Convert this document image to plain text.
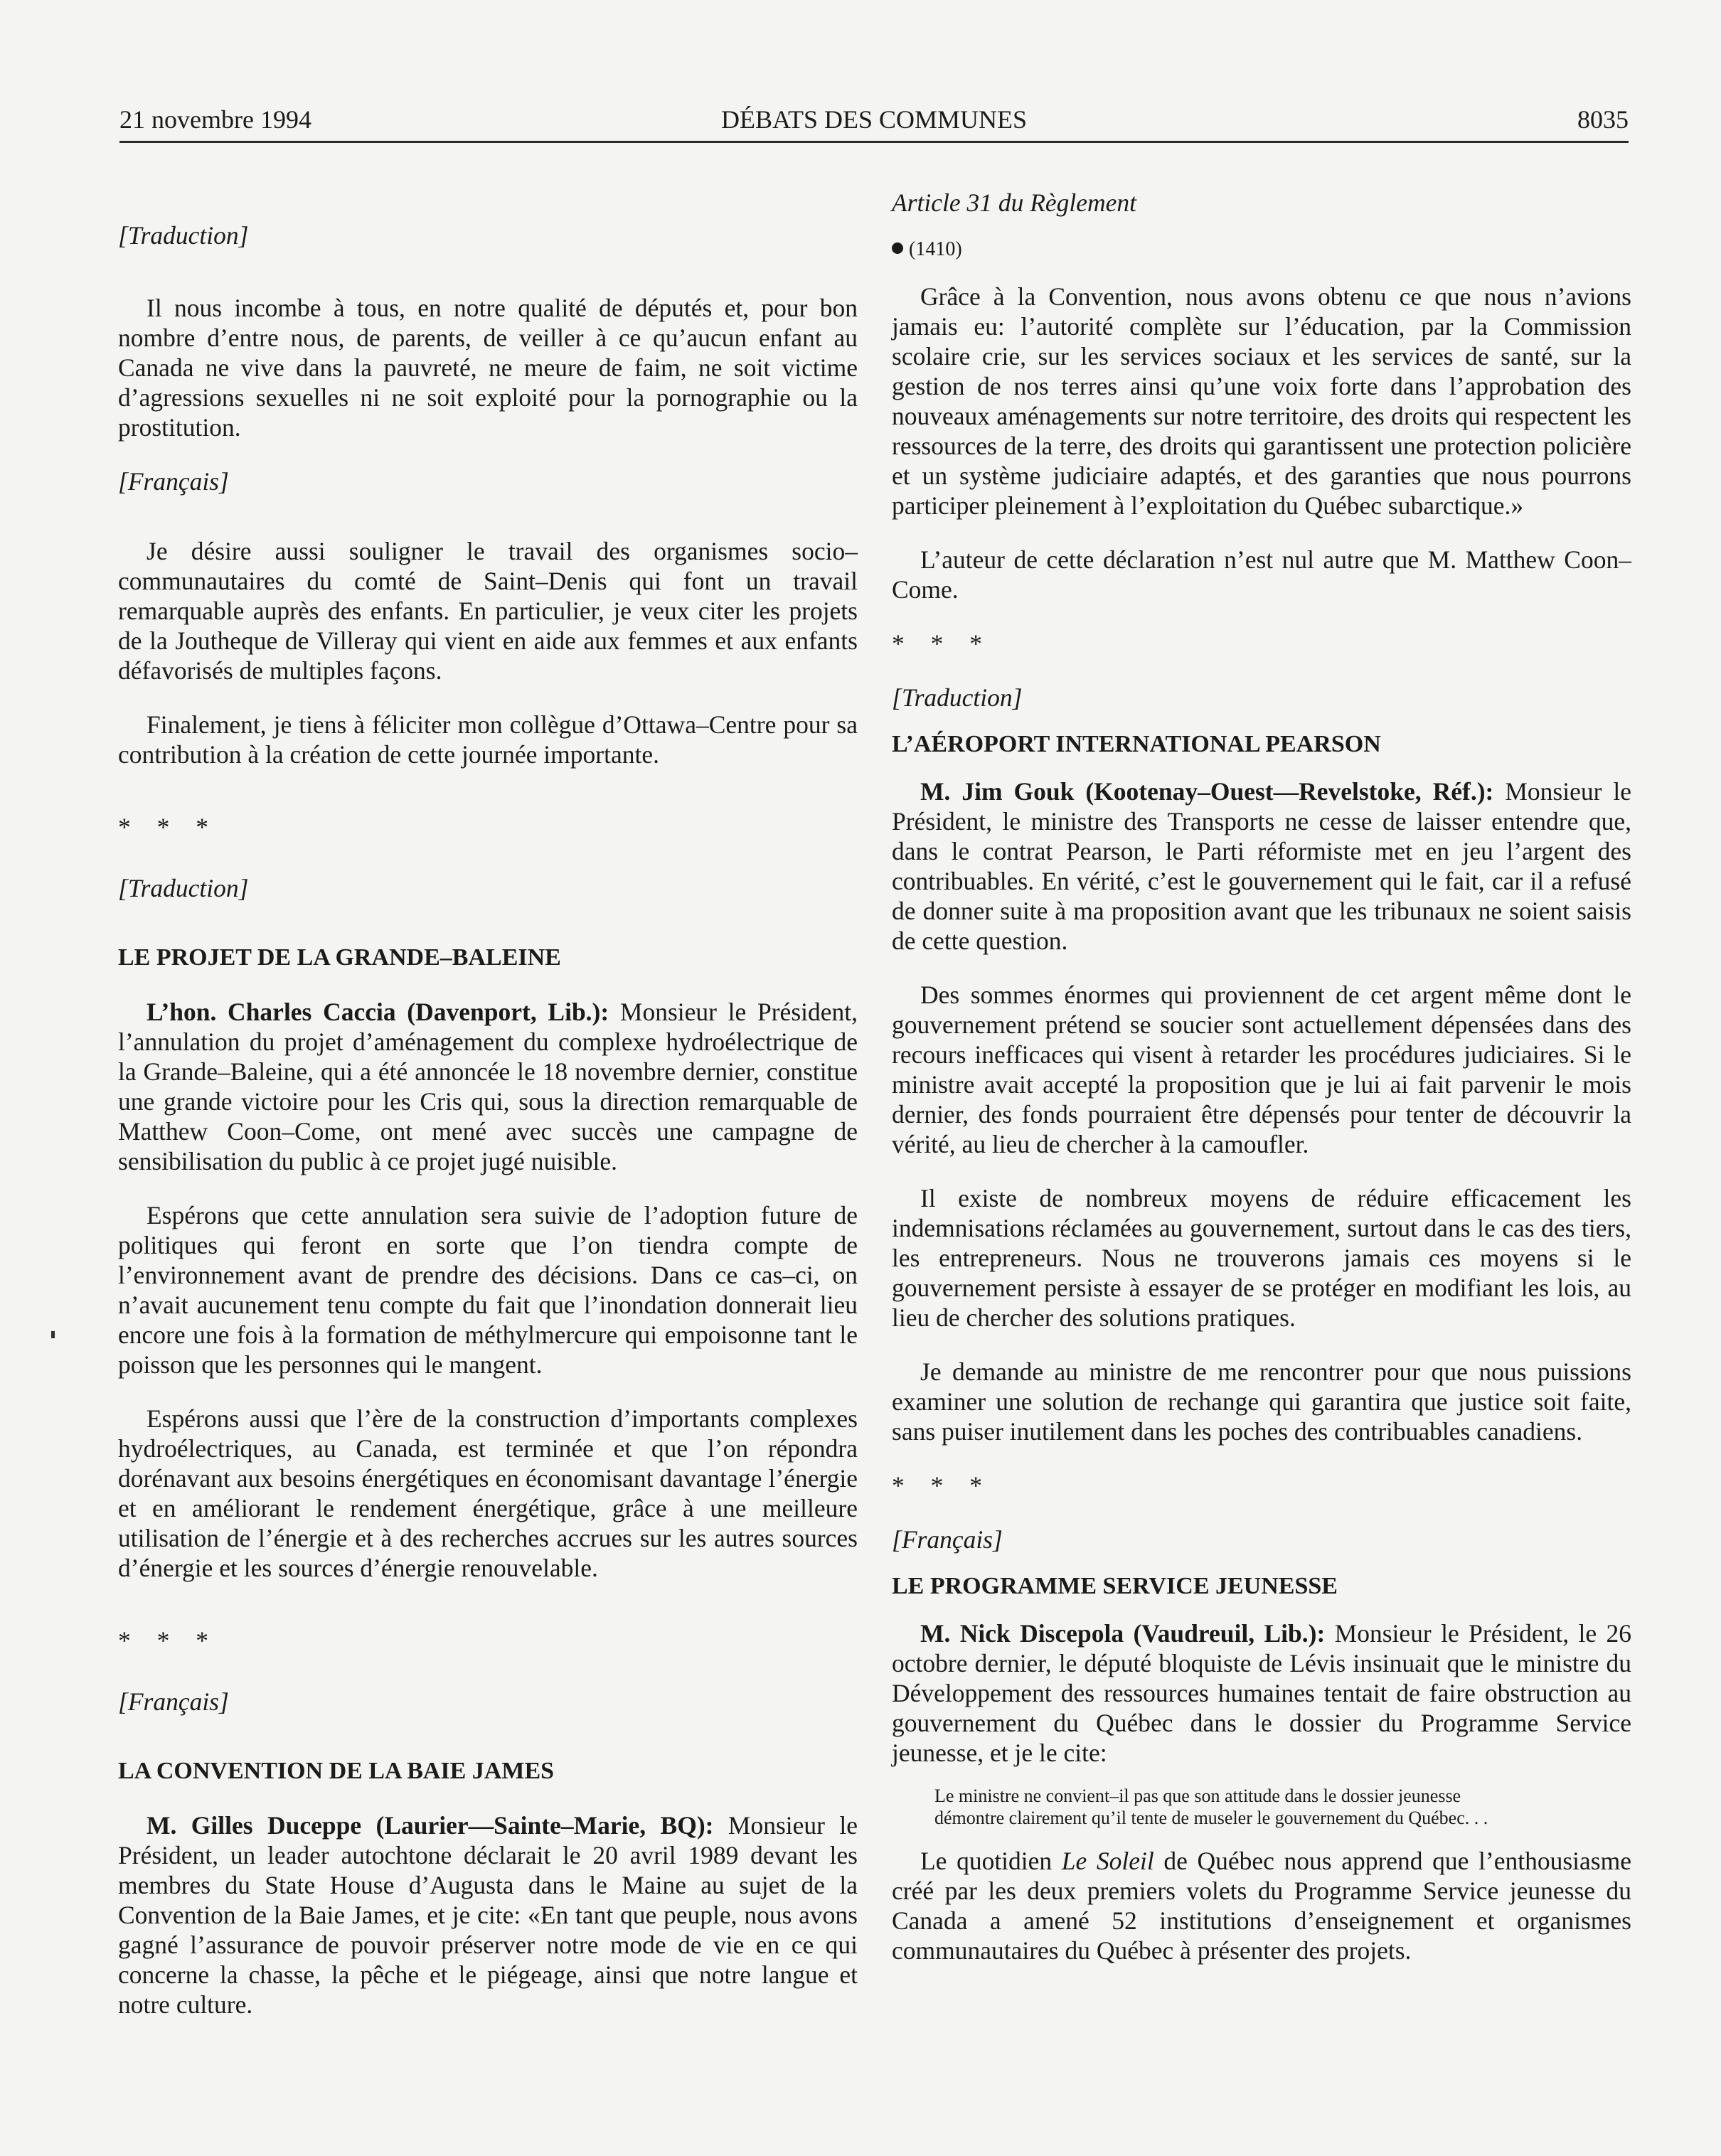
21 novembre 1994	DÉBATS DES COMMUNES	8035

[Traduction]

Il nous incombe à tous, en notre qualité de députés et, pour bon nombre d’entre nous, de parents, de veiller à ce qu’aucun enfant au Canada ne vive dans la pauvreté, ne meure de faim, ne soit victime d’agressions sexuelles ni ne soit exploité pour la pornographie ou la prostitution.

[Français]

Je désire aussi souligner le travail des organismes socio–communautaires du comté de Saint–Denis qui font un travail remarquable auprès des enfants. En particulier, je veux citer les projets de la Joutheque de Villeray qui vient en aide aux femmes et aux enfants défavorisés de multiples façons.

Finalement, je tiens à féliciter mon collègue d’Ottawa–Centre pour sa contribution à la création de cette journée importante.

* * *

[Traduction]

LE PROJET DE LA GRANDE–BALEINE

L’hon. Charles Caccia (Davenport, Lib.): Monsieur le Président, l’annulation du projet d’aménagement du complexe hydroélectrique de la Grande–Baleine, qui a été annoncée le 18 novembre dernier, constitue une grande victoire pour les Cris qui, sous la direction remarquable de Matthew Coon–Come, ont mené avec succès une campagne de sensibilisation du public à ce projet jugé nuisible.

Espérons que cette annulation sera suivie de l’adoption future de politiques qui feront en sorte que l’on tiendra compte de l’environnement avant de prendre des décisions. Dans ce cas–ci, on n’avait aucunement tenu compte du fait que l’inondation donnerait lieu encore une fois à la formation de méthylmercure qui empoisonne tant le poisson que les personnes qui le mangent.

Espérons aussi que l’ère de la construction d’importants complexes hydroélectriques, au Canada, est terminée et que l’on répondra dorénavant aux besoins énergétiques en économisant davantage l’énergie et en améliorant le rendement énergétique, grâce à une meilleure utilisation de l’énergie et à des recherches accrues sur les autres sources d’énergie et les sources d’énergie renouvelable.

* * *

[Français]

LA CONVENTION DE LA BAIE JAMES

M. Gilles Duceppe (Laurier—Sainte–Marie, BQ): Monsieur le Président, un leader autochtone déclarait le 20 avril 1989 devant les membres du State House d’Augusta dans le Maine au sujet de la Convention de la Baie James, et je cite: «En tant que peuple, nous avons gagné l’assurance de pouvoir préserver notre mode de vie en ce qui concerne la chasse, la pêche et le piégeage, ainsi que notre langue et notre culture.

Article 31 du Règlement

(1410)

Grâce à la Convention, nous avons obtenu ce que nous n’avions jamais eu: l’autorité complète sur l’éducation, par la Commission scolaire crie, sur les services sociaux et les services de santé, sur la gestion de nos terres ainsi qu’une voix forte dans l’approbation des nouveaux aménagements sur notre territoire, des droits qui respectent les ressources de la terre, des droits qui garantissent une protection policière et un système judiciaire adaptés, et des garanties que nous pourrons participer pleinement à l’exploitation du Québec subarctique.»

L’auteur de cette déclaration n’est nul autre que M. Matthew Coon–Come.

* * *

[Traduction]

L’AÉROPORT INTERNATIONAL PEARSON

M. Jim Gouk (Kootenay–Ouest—Revelstoke, Réf.): Monsieur le Président, le ministre des Transports ne cesse de laisser entendre que, dans le contrat Pearson, le Parti réformiste met en jeu l’argent des contribuables. En vérité, c’est le gouvernement qui le fait, car il a refusé de donner suite à ma proposition avant que les tribunaux ne soient saisis de cette question.

Des sommes énormes qui proviennent de cet argent même dont le gouvernement prétend se soucier sont actuellement dépensées dans des recours inefficaces qui visent à retarder les procédures judiciaires. Si le ministre avait accepté la proposition que je lui ai fait parvenir le mois dernier, des fonds pourraient être dépensés pour tenter de découvrir la vérité, au lieu de chercher à la camoufler.

Il existe de nombreux moyens de réduire efficacement les indemnisations réclamées au gouvernement, surtout dans le cas des tiers, les entrepreneurs. Nous ne trouverons jamais ces moyens si le gouvernement persiste à essayer de se protéger en modifiant les lois, au lieu de chercher des solutions pratiques.

Je demande au ministre de me rencontrer pour que nous puissions examiner une solution de rechange qui garantira que justice soit faite, sans puiser inutilement dans les poches des contribuables canadiens.

* * *

[Français]

LE PROGRAMME SERVICE JEUNESSE

M. Nick Discepola (Vaudreuil, Lib.): Monsieur le Président, le 26 octobre dernier, le député bloquiste de Lévis insinuait que le ministre du Développement des ressources humaines tentait de faire obstruction au gouvernement du Québec dans le dossier du Programme Service jeunesse, et je le cite:

Le ministre ne convient–il pas que son attitude dans le dossier jeunesse
démontre clairement qu’il tente de museler le gouvernement du Québec. . .

Le quotidien Le Soleil de Québec nous apprend que l’enthousiasme créé par les deux premiers volets du Programme Service jeunesse du Canada a amené 52 institutions d’enseignement et organismes communautaires du Québec à présenter des projets.
